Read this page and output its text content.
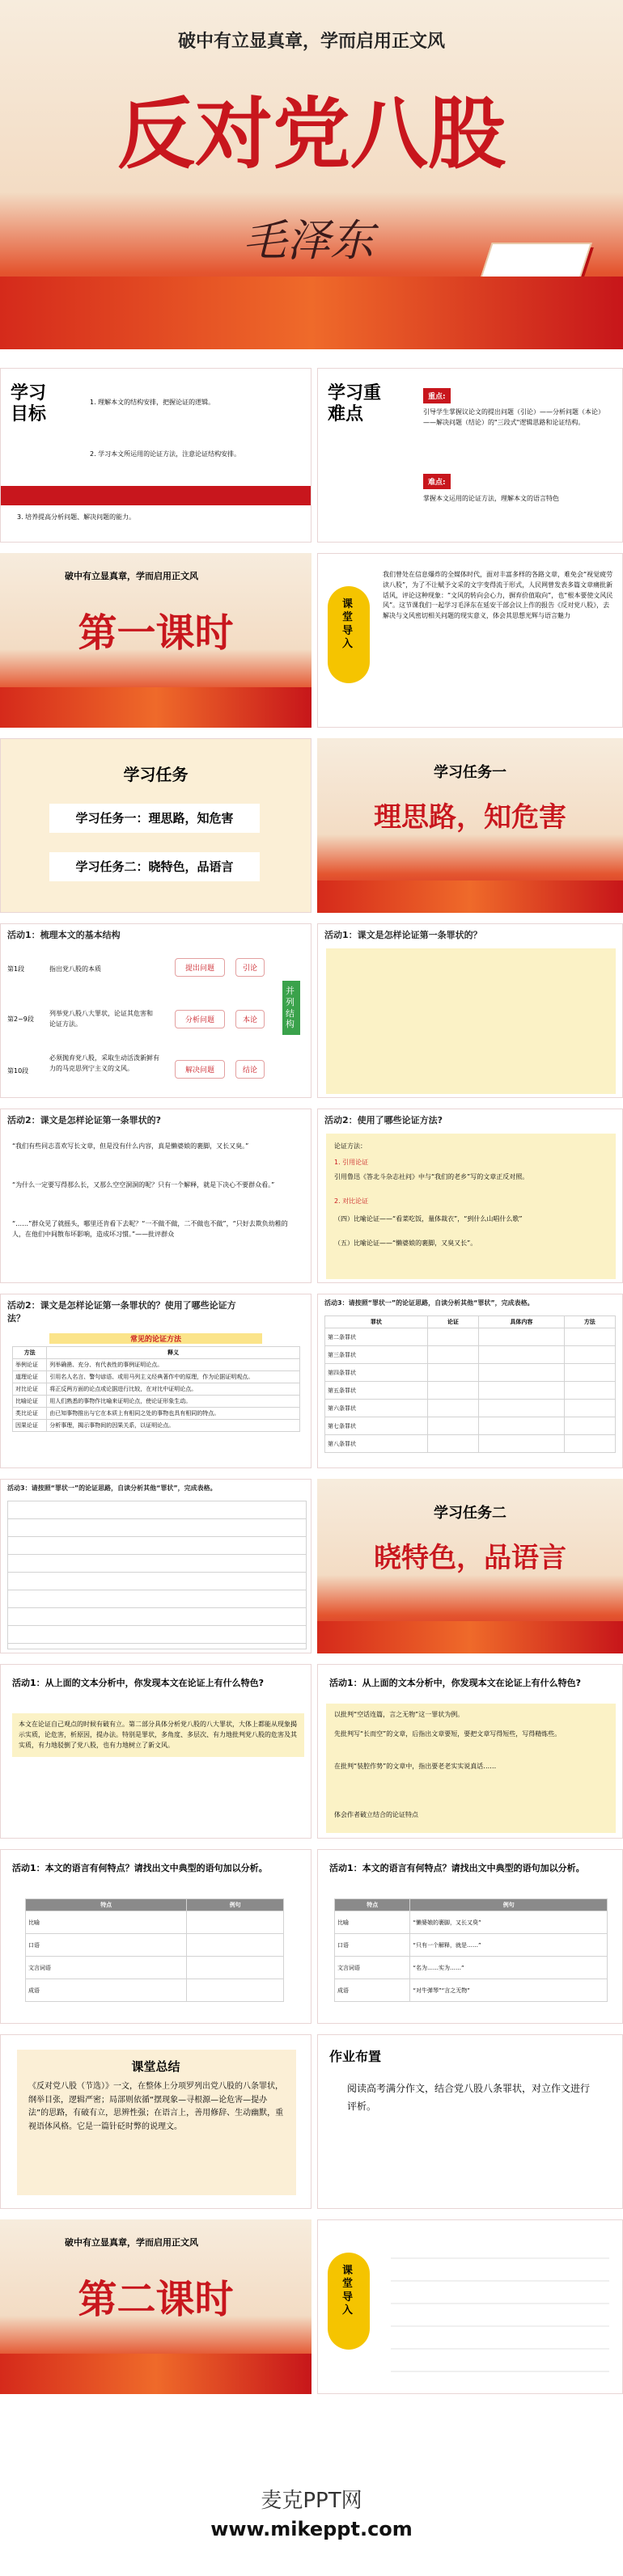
破中有立显真章，学而启用正文风
反对党八股
毛泽东
学习
目标
1. 理解本文的结构安排，把握论证的逻辑。
2. 学习本文所运用的论证方法，注意论证结构安排。
3. 培养提高分析问题、解决问题的能力。
学习重
难点
重点:
引导学生掌握议论文的提出问题（引论）——分析问题（本论）——解决问题（结论）的"三段式"逻辑思路和论证结构。
难点:
掌握本文运用的论证方法，理解本文的语言特色
破中有立显真章，学而启用正文风
第一课时
课堂导入
我们曾处在信息爆炸的全媒体时代，面对丰富多样的各路文章，难免会“视觉疲劳读八股”，为了不让赋予文采的文字变得流于形式，人民网曾发表多篇文章痛批新话风，评论这种现象：“文风的转向会心力，摒弃价值取向”，也“根本要使文风民风”。这节课我们一起学习毛泽东在延安干部会议上作的报告《反对党八股》，去解决与文风密切相关问题的现实意义，体会其思想光辉与语言魅力
学习任务
学习任务一：理思路，知危害
学习任务二：晓特色，品语言
学习任务一
理思路，知危害
活动1：梳理本文的基本结构
第1段	指出党八股的本质	提出问题	引论
第2~9段
列举党八股八大罪状，论证其危害和论证方法。	分析问题	本论
第10段
必须抛弃党八股，采取生动活泼新鲜有力的马克思列宁主义的文风。	解决问题	结论
并列结构
活动1：课文是怎样论证第一条罪状的？
活动2：课文是怎样论证第一条罪状的?
“我们有些同志喜欢写长文章，但是没有什么内容，真是懒婆娘的裹脚，又长又臭。”
“为什么一定要写得那么长，又那么空空洞洞的呢？只有一个解释，就是下决心不要群众看。”
“……”群众见了就摇头，哪里还肯看下去呢？“一不做不做，二不做也不做”，“只好去欺负幼稚的人，在他们中间散布坏影响，造成坏习惯。”——批评群众
活动2：使用了哪些论证方法?
论证方法：
1. 引用论证
引用鲁迅《答北斗杂志社问》中与“我们的老乡”写的文章正反对照。
2. 对比论证
（四）比喻论证——“看菜吃饭，量体裁衣”，“到什么山唱什么歌”
（五）比喻论证——“懒婆娘的裹脚，又臭又长”。
活动2：课文是怎样论证第一条罪状的？使用了哪些论证方法？
常见的论证方法
方法	释义
举例论证	列举确凿、充分、有代表性的事例证明论点。
道理论证	引用名人名言、警句谚语、或用马列主义经典著作中的原理，作为论据证明观点。
对比论证	将正反两方面的论点或论据进行比较，在对比中证明论点。
比喻论证	用人们熟悉的事物作比喻来证明论点，使论证形象生动。
类比论证	由已知事物推出与它在本质上有相同之处的事物也具有相同的特点。
因果论证	分析事理，揭示事物间的因果关系，以证明论点。
活动3：请按照“罪状一”的论证思路，自读分析其他“罪状”，完成表格。
罪状	论证	具体内容	方法
第二条罪状			
第三条罪状			
第四条罪状			
第五条罪状			
第六条罪状			
第七条罪状			
第八条罪状			
活动3：请按照“罪状一”的论证思路，自读分析其他“罪状”，完成表格。
学习任务二
晓特色，品语言
活动1：从上面的文本分析中，你发现本文在论证上有什么特色?
本文在论证自己观点的时候有破有立。第二部分具体分析党八股的八大罪状，大体上都能从现象揭示实质，论危害，析原因，提办法。特别是罪状，多角度、多层次、有力地批判党八股的危害及其实质，有力地驳倒了党八股，也有力地树立了新文风。
活动1：从上面的文本分析中，你发现本文在论证上有什么特色?
以批判“空话连篇，言之无物”这一罪状为例。
先批判写“长而空”的文章，后指出文章要短，要把文章写得短些，写得精炼些。
在批判“装腔作势”的文章中，指出要老老实实说真话……
体会作者破立结合的论证特点
活动1：本文的语言有何特点？请找出文中典型的语句加以分析。
特点	例句
比喻	
口语	
文言词语	
成语	
活动1：本文的语言有何特点？请找出文中典型的语句加以分析。
特点	例句
比喻	“懒婆娘的裹脚，又长又臭”
口语	“只有一个解释，就是……”
文言词语	“名为……实为……”
成语	“对牛弹琴”“言之无物”
课堂总结
《反对党八股（节选）》一文，在整体上分项罗列出党八股的八条罪状，纲举目张，逻辑严密；局部则依循“摆现象—寻根源—论危害—提办法”的思路，有破有立，思辨性强；在语言上，善用修辞、生动幽默，重视语体风格。它是一篇针砭时弊的说理文。
作业布置
阅读高考满分作文，结合党八股八条罪状，对立作文进行评析。
破中有立显真章，学而启用正文风
第二课时
课堂导入
麦克PPT网
www.mikeppt.com
